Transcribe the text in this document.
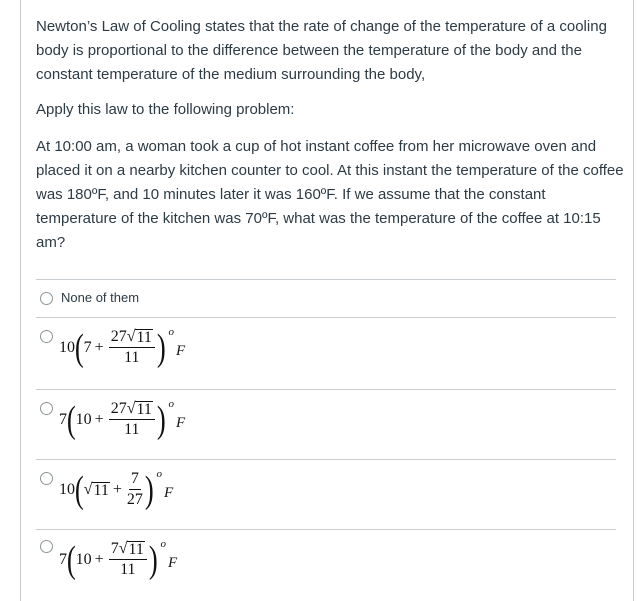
Newton’s Law of Cooling states that the rate of change of the temperature of a cooling body is proportional to the difference between the temperature of the body and the constant temperature of the medium surrounding the body,

Apply this law to the following problem:

At 10:00 am, a woman took a cup of hot instant coffee from her microwave oven and placed it on a nearby kitchen counter to cool. At this instant the temperature of the coffee was 180ºF, and 10 minutes later it was 160ºF. If we assume that the constant temperature of the kitchen was 70ºF, what was the temperature of the coffee at 10:15 am?

None of them
10 ( $7 + \frac{27 √ 11}{11}$ ) o
F
7 ( $10 + \frac{27 √ 11}{11}$ ) o
F
10 ( √ $11 + \frac{7}{27}$ ) o
F
7 ( $10 + \frac{7 √ 11}{11}$ ) o
F
